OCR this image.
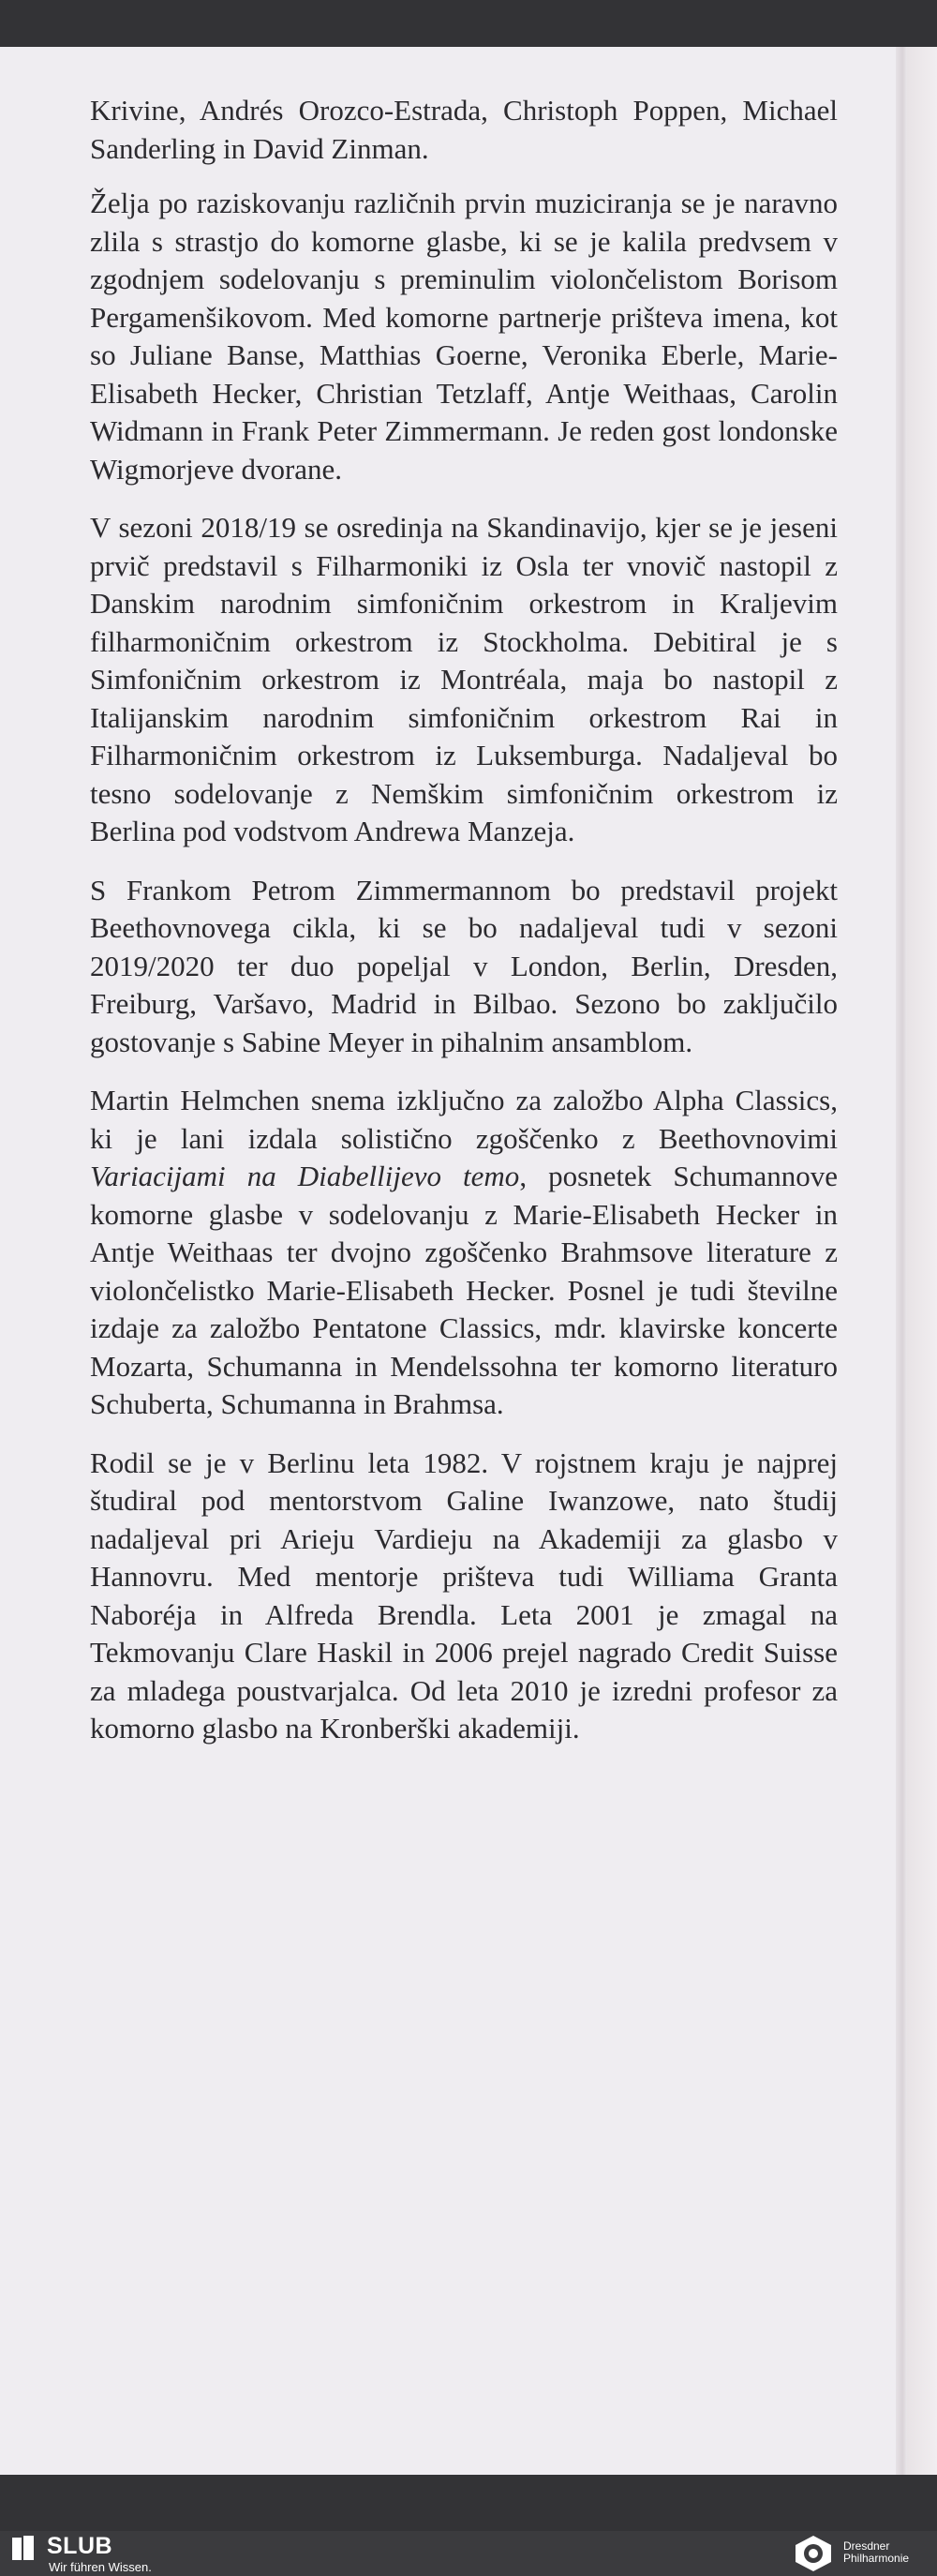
Krivine, Andrés Orozco-Estrada, Christoph Poppen, Michael Sanderling in David Zinman.

Želja po raziskovanju različnih prvin muziciranja se je naravno zlila s strastjo do komorne glasbe, ki se je kalila predvsem v zgodnjem sodelovanju s preminulim violončelistom Borisom Pergamenšikovom. Med komorne partnerje prišteva imena, kot so Juliane Banse, Matthias Goerne, Veronika Eberle, Marie-Elisabeth Hecker, Christian Tetzlaff, Antje Weithaas, Carolin Widmann in Frank Peter Zimmermann. Je reden gost londonske Wigmorjeve dvorane.

V sezoni 2018/19 se osredinja na Skandinavijo, kjer se je jeseni prvič predstavil s Filharmoniki iz Osla ter vnovič nastopil z Danskim narodnim simfoničnim orkestrom in Kraljevim filharmoničnim orkestrom iz Stockholma. Debitiral je s Simfoničnim orkestrom iz Montréala, maja bo nastopil z Italijanskim narodnim simfoničnim orkestrom Rai in Filharmoničnim orkestrom iz Luksemburga. Nadaljeval bo tesno sodelovanje z Nemškim simfoničnim orkestrom iz Berlina pod vodstvom Andrewa Manzeja.

S Frankom Petrom Zimmermannom bo predstavil projekt Beethovnovega cikla, ki se bo nadaljeval tudi v sezoni 2019/2020 ter duo popeljal v London, Berlin, Dresden, Freiburg, Varšavo, Madrid in Bilbao. Sezono bo zaključilo gostovanje s Sabine Meyer in pihalnim ansamblom.

Martin Helmchen snema izključno za založbo Alpha Classics, ki je lani izdala solistično zgoščenko z Beethovnovimi Variacijami na Diabellijevo temo, posnetek Schumannove komorne glasbe v sodelovanju z Marie-Elisabeth Hecker in Antje Weithaas ter dvojno zgoščenko Brahmsove literature z violončelistko Marie-Elisabeth Hecker. Posnel je tudi številne izdaje za založbo Pentatone Classics, mdr. klavirske koncerte Mozarta, Schumanna in Mendelssohna ter komorno literaturo Schuberta, Schumanna in Brahmsa.

Rodil se je v Berlinu leta 1982. V rojstnem kraju je najprej študiral pod mentorstvom Galine Iwanzowe, nato študij nadaljeval pri Arieju Vardieju na Akademiji za glasbo v Hannovru. Med mentorje prišteva tudi Williama Granta Naboréja in Alfreda Brendla. Leta 2001 je zmagal na Tekmovanju Clare Haskil in 2006 prejel nagrado Credit Suisse za mladega poustvarjalca. Od leta 2010 je izredni profesor za komorno glasbo na Kronberški akademiji.

SLUB
Wir führen Wissen.
Dresdner
Philharmonie
